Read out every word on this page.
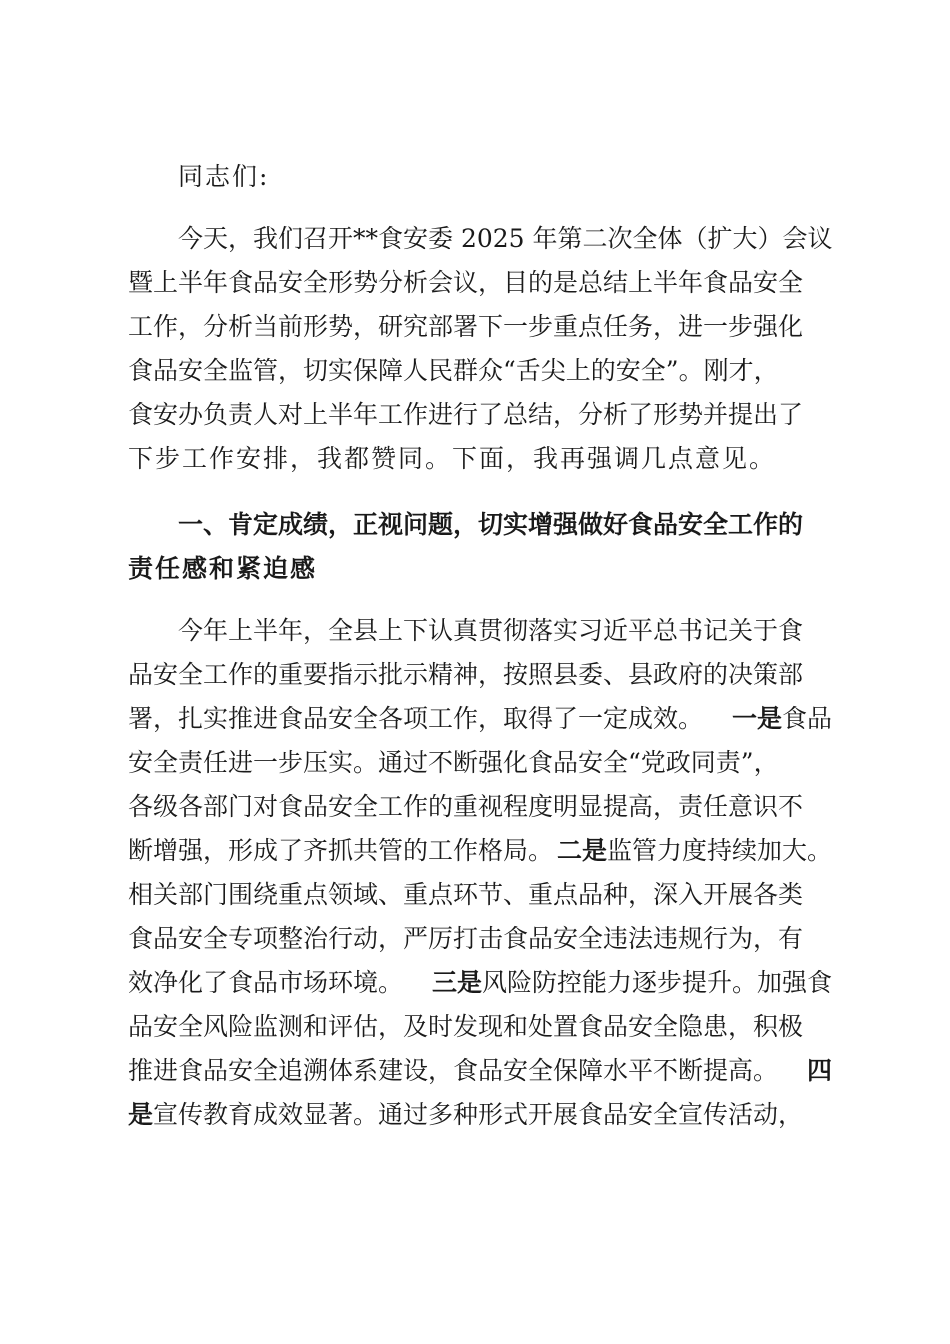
同志们:
今天，我们召开**食安委 2025 年第二次全体（扩大）会议
暨上半年食品安全形势分析会议，目的是总结上半年食品安全
工作，分析当前形势，研究部署下一步重点任务，进一步强化
食品安全监管，切实保障人民群众“舌尖上的安全”。刚才，
食安办负责人对上半年工作进行了总结，分析了形势并提出了
下步工作安排，我都赞同。下面，我再强调几点意见。
一、肯定成绩，正视问题，切实增强做好食品安全工作的
责任感和紧迫感
今年上半年，全县上下认真贯彻落实习近平总书记关于食
品安全工作的重要指示批示精神，按照县委、县政府的决策部
署，扎实推进食品安全各项工作，取得了一定成效。 一是食品
安全责任进一步压实。通过不断强化食品安全“党政同责”，
各级各部门对食品安全工作的重视程度明显提高，责任意识不
断增强，形成了齐抓共管的工作格局。 二是监管力度持续加大。
相关部门围绕重点领域、重点环节、重点品种，深入开展各类
食品安全专项整治行动，严厉打击食品安全违法违规行为，有
效净化了食品市场环境。 三是风险防控能力逐步提升。加强食
品安全风险监测和评估，及时发现和处置食品安全隐患，积极
推进食品安全追溯体系建设，食品安全保障水平不断提高。 四
是宣传教育成效显著。通过多种形式开展食品安全宣传活动，
